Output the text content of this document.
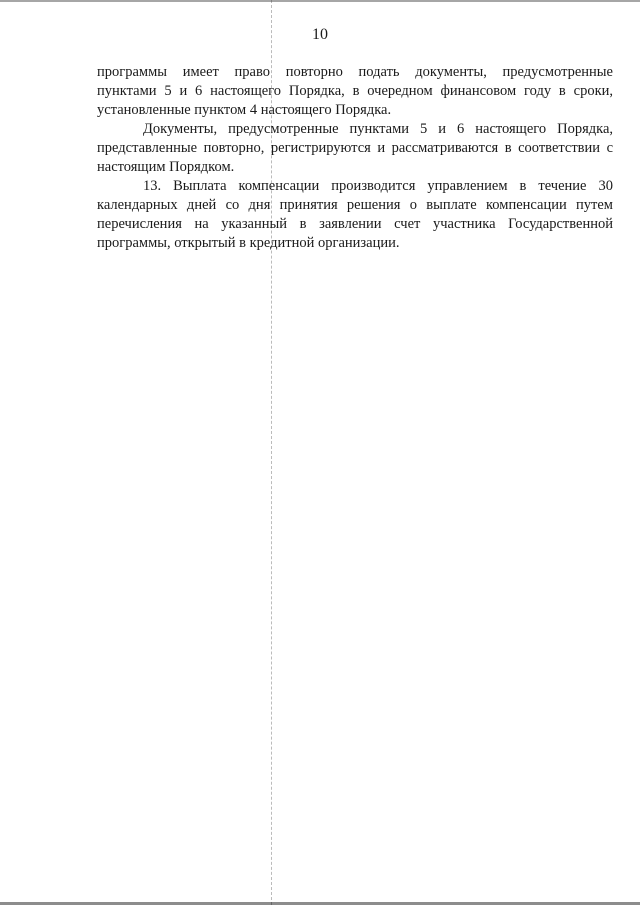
10

программы имеет право повторно подать документы, предусмотренные
пунктами 5 и 6 настоящего Порядка, в очередном финансовом году в сроки,
установленные пунктом 4 настоящего Порядка.

Документы, предусмотренные пунктами 5 и 6 настоящего Порядка,
представленные повторно, регистрируются и рассматриваются в соответствии с
настоящим Порядком.

13. Выплата компенсации производится управлением в течение 30
календарных дней со дня принятия решения о выплате компенсации путем
перечисления на указанный в заявлении счет участника Государственной
программы, открытый в кредитной организации.
